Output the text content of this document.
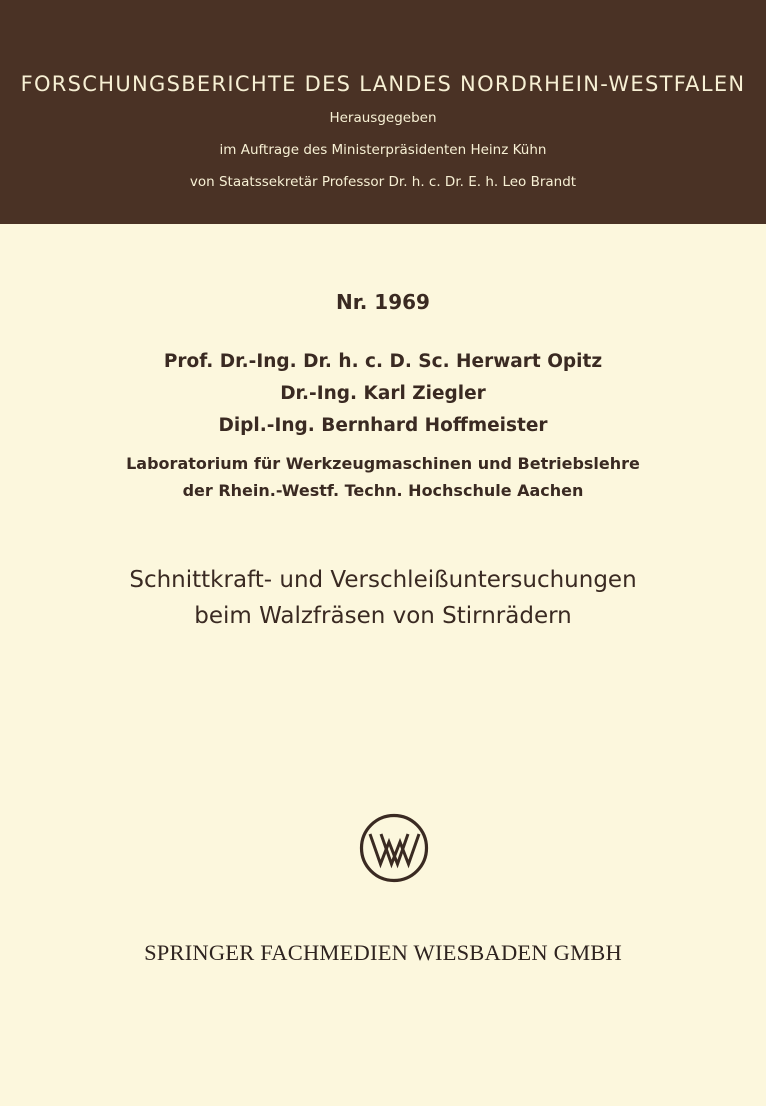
FORSCHUNGSBERICHTE DES LANDES NORDRHEIN-WESTFALEN
Herausgegeben
im Auftrage des Ministerpräsidenten Heinz Kühn
von Staatssekretär Professor Dr. h. c. Dr. E. h. Leo Brandt
Nr. 1969
Prof. Dr.-Ing. Dr. h. c. D. Sc. Herwart Opitz
Dr.-Ing. Karl Ziegler
Dipl.-Ing. Bernhard Hoffmeister
Laboratorium für Werkzeugmaschinen und Betriebslehre
der Rhein.-Westf. Techn. Hochschule Aachen
Schnittkraft- und Verschleißuntersuchungen
beim Walzfräsen von Stirnrädern
SPRINGER FACHMEDIEN WIESBADEN GMBH
